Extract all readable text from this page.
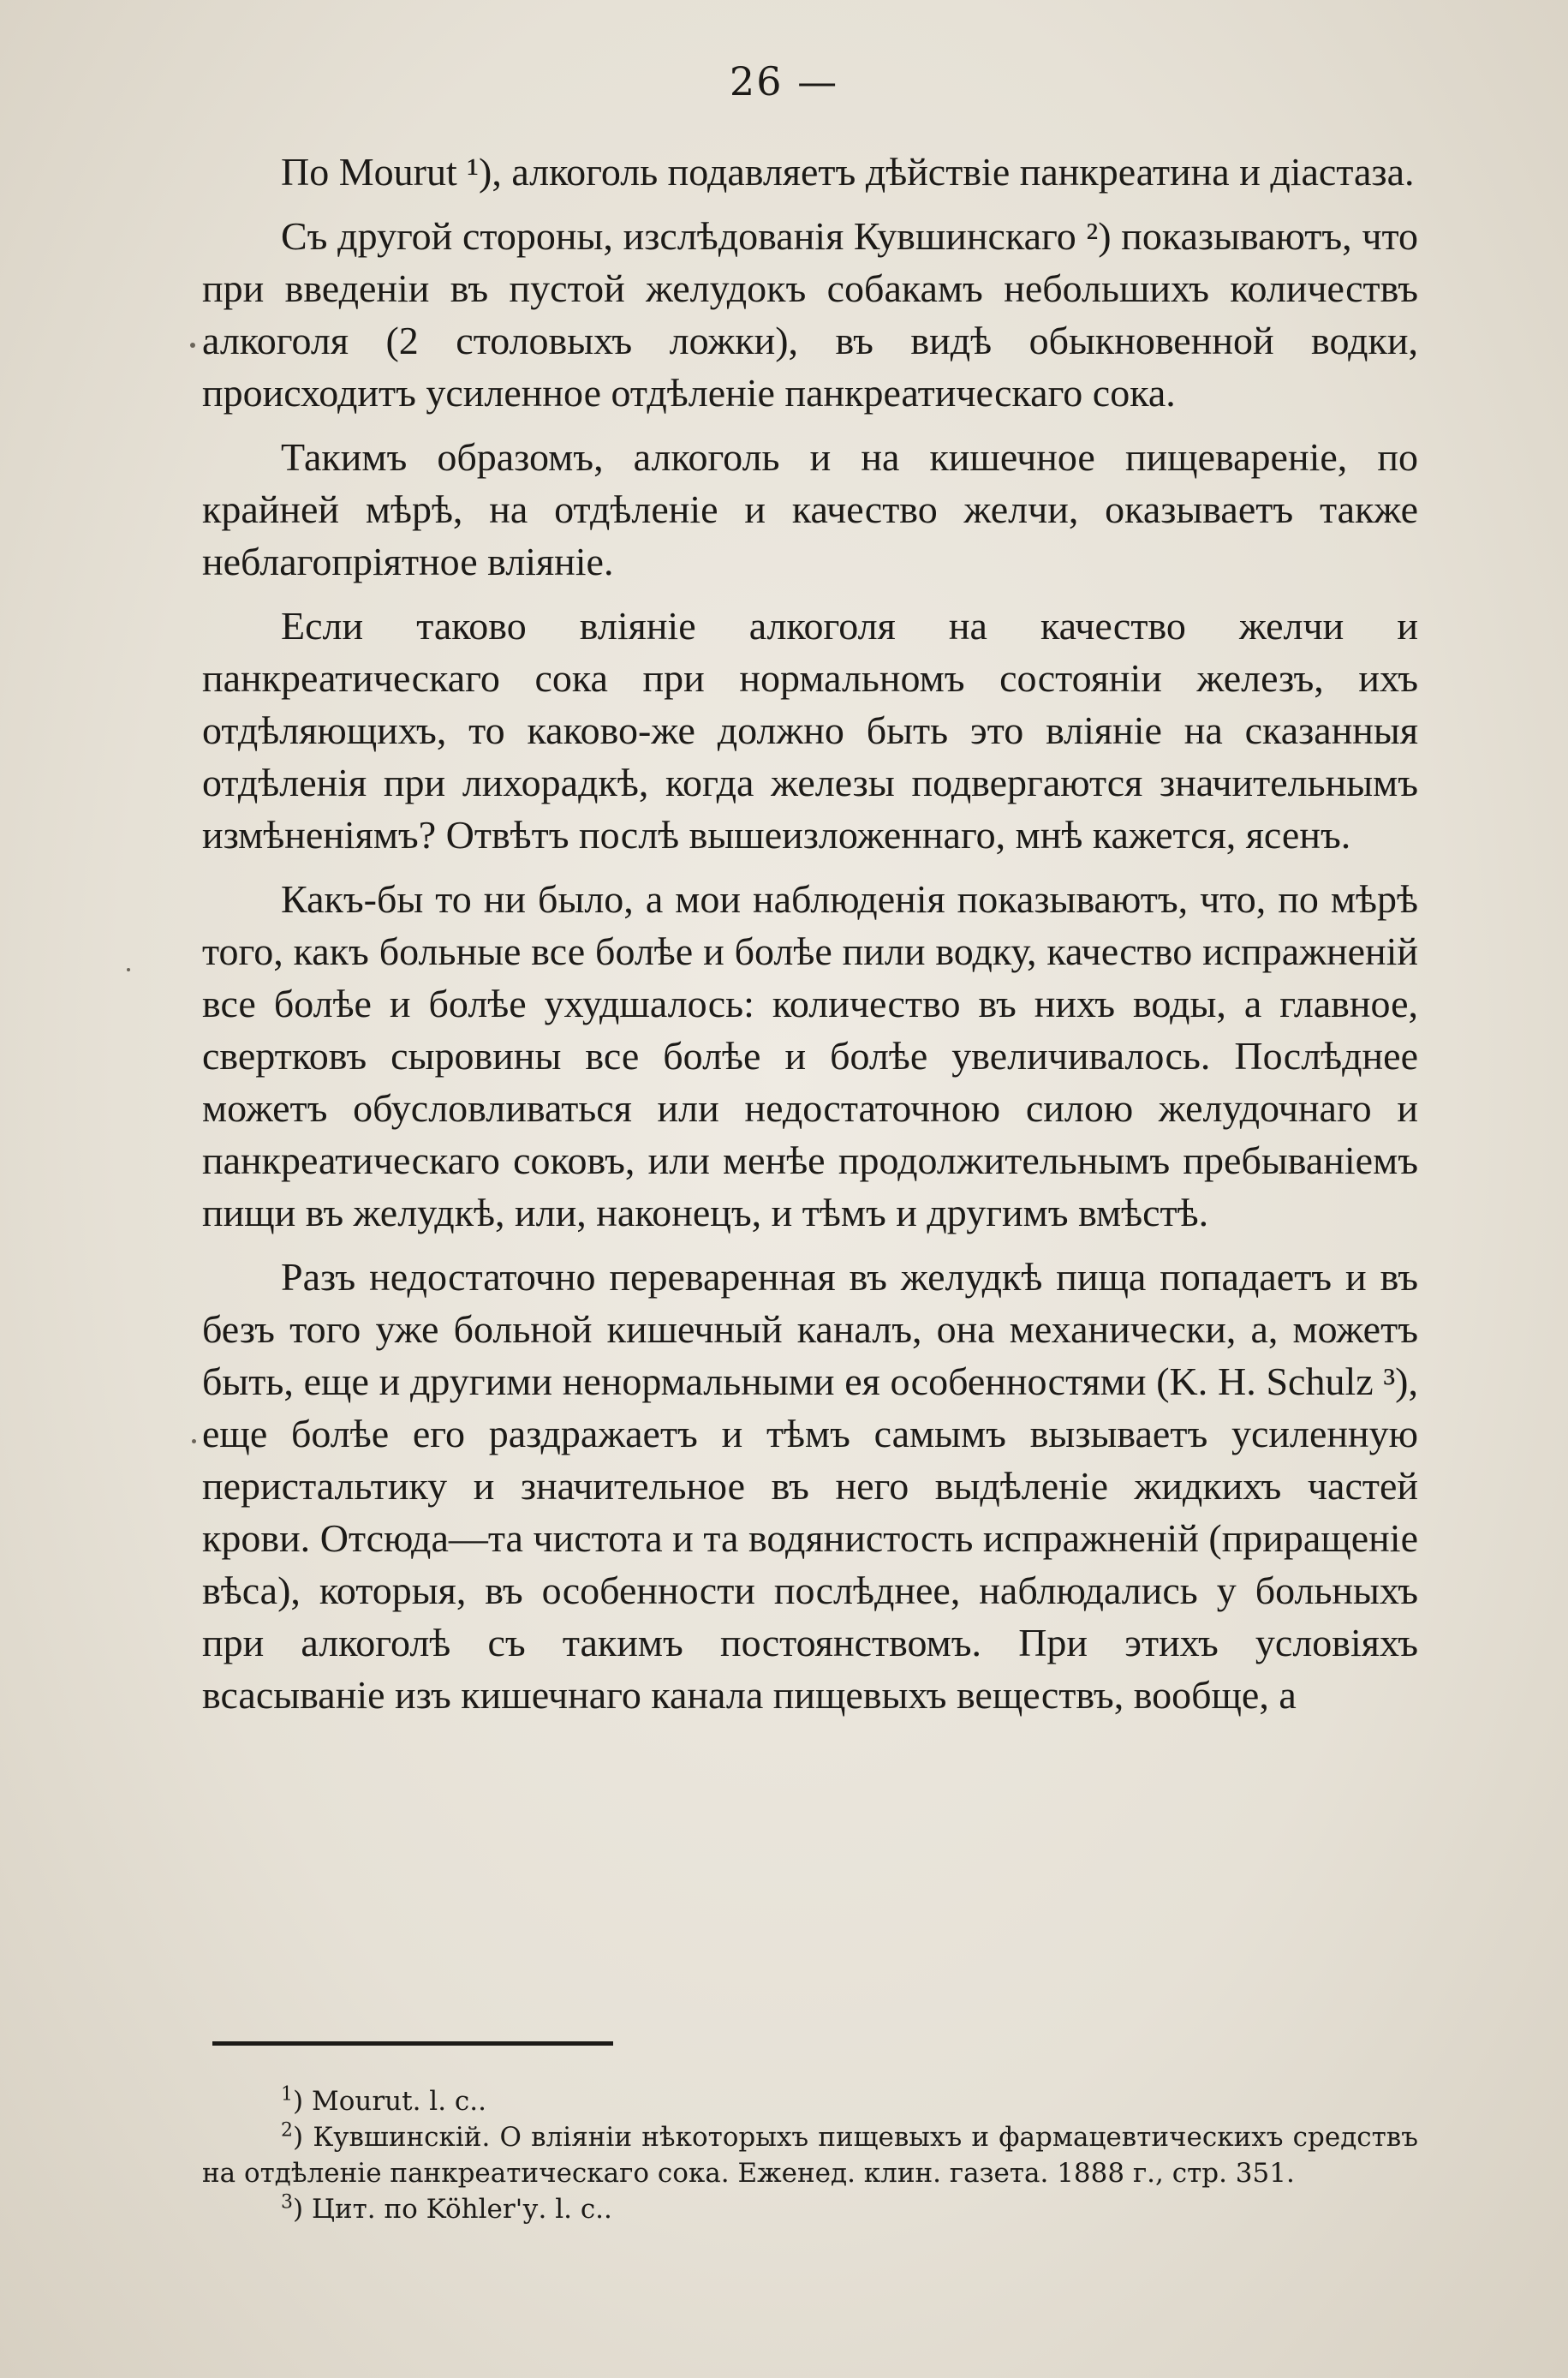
26 —

По Mourut ¹), алкоголь подавляетъ дѣйствіе панкреатина и діастаза.

Съ другой стороны, изслѣдованія Кувшинскаго ²) показываютъ, что при введеніи въ пустой желудокъ собакамъ небольшихъ количествъ алкоголя (2 столовыхъ ложки), въ видѣ обыкновенной водки, происходитъ усиленное отдѣленіе панкреатическаго сока.

Такимъ образомъ, алкоголь и на кишечное пищевареніе, по крайней мѣрѣ, на отдѣленіе и качество желчи, оказываетъ также неблагопріятное вліяніе.

Если таково вліяніе алкоголя на качество желчи и панкреатическаго сока при нормальномъ состояніи железъ, ихъ отдѣляющихъ, то каково-же должно быть это вліяніе на сказанныя отдѣленія при лихорадкѣ, когда железы подвергаются значительнымъ измѣненіямъ? Отвѣтъ послѣ вышеизложеннаго, мнѣ кажется, ясенъ.

Какъ-бы то ни было, а мои наблюденія показываютъ, что, по мѣрѣ того, какъ больные все болѣе и болѣе пили водку, качество испражненій все болѣе и болѣе ухудшалось: количество въ нихъ воды, а главное, свертковъ сыровины все болѣе и болѣе увеличивалось. Послѣднее можетъ обусловливаться или недостаточною силою желудочнаго и панкреатическаго соковъ, или менѣе продолжительнымъ пребываніемъ пищи въ желудкѣ, или, наконецъ, и тѣмъ и другимъ вмѣстѣ.

Разъ недостаточно переваренная въ желудкѣ пища попадаетъ и въ безъ того уже больной кишечный каналъ, она механически, а, можетъ быть, еще и другими ненормальными ея особенностями (K. H. Schulz ³), еще болѣе его раздражаетъ и тѣмъ самымъ вызываетъ усиленную перистальтику и значительное въ него выдѣленіе жидкихъ частей крови. Отсюда—та чистота и та водянистость испражненій (приращеніе вѣса), которыя, въ особенности послѣднее, наблюдались у больныхъ при алкоголѣ съ такимъ постоянствомъ. При этихъ условіяхъ всасываніе изъ кишечнаго канала пищевыхъ веществъ, вообще, а

$^1$) Mourut. l. c..

$^2$) Кувшинскій. О вліяніи нѣкоторыхъ пищевыхъ и фармацевтическихъ средствъ на отдѣленіе панкреатическаго сока. Еженед. клин. газета. 1888 г., стр. 351.

$^3$) Цит. по Köhler'у. l. c..
